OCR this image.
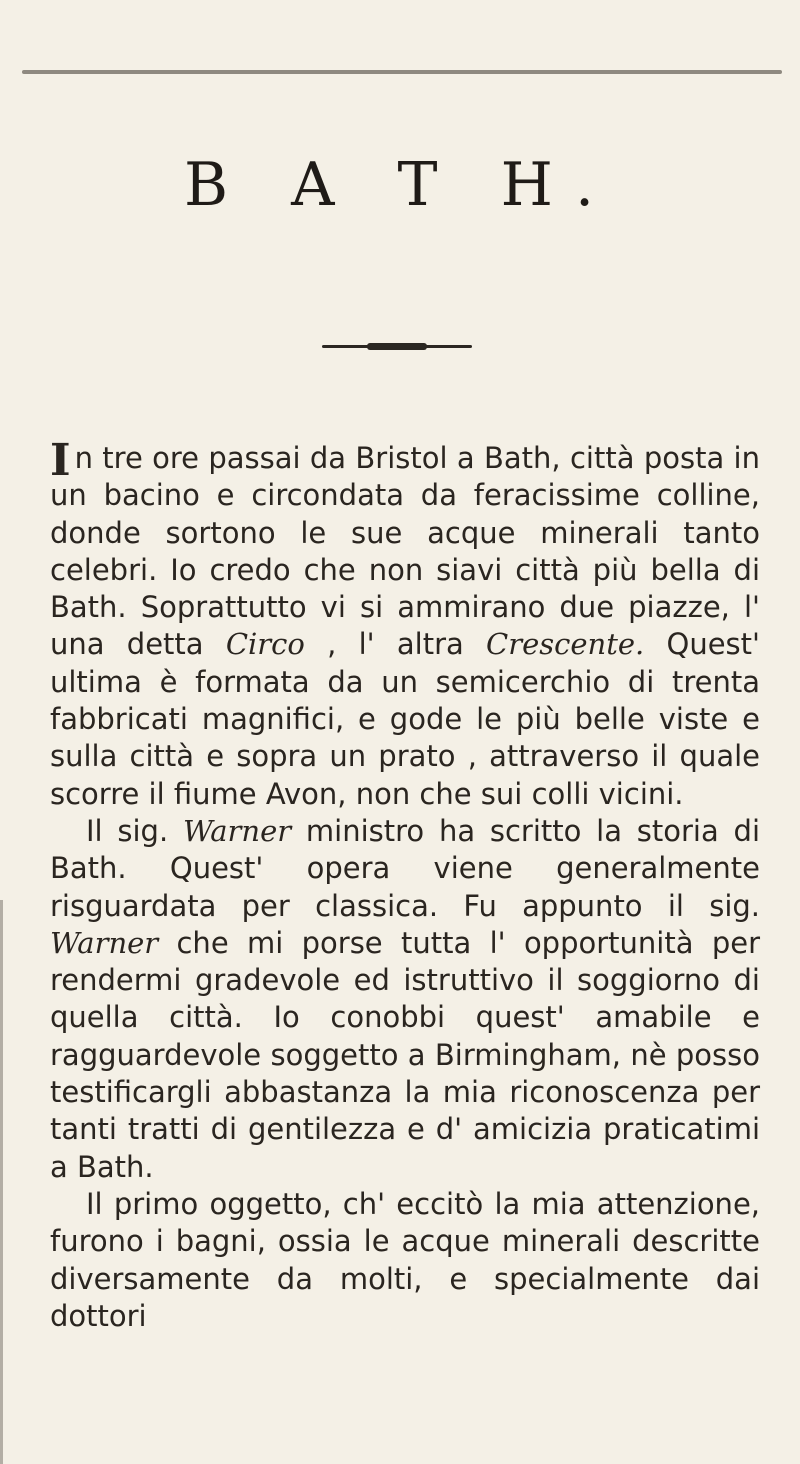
B A T H.

In tre ore passai da Bristol a Bath, città posta in un bacino e circondata da feracissime colline, donde sortono le sue acque minerali tanto celebri. Io credo che non siavi città più bella di Bath. Soprattutto vi si ammirano due piazze, l' una detta Circo , l' altra Crescente. Quest' ultima è formata da un semicerchio di trenta fabbricati magnifici, e gode le più belle viste e sulla città e sopra un prato , attraverso il quale scorre il fiume Avon, non che sui colli vicini.

Il sig. Warner ministro ha scritto la storia di Bath. Quest' opera viene generalmente risguardata per classica. Fu appunto il sig. Warner che mi porse tutta l' opportunità per rendermi gradevole ed istruttivo il soggiorno di quella città. Io conobbi quest' amabile e ragguardevole soggetto a Birmingham, nè posso testificargli abbastanza la mia riconoscenza per tanti tratti di gentilezza e d' amicizia praticatimi a Bath.

Il primo oggetto, ch' eccitò la mia attenzione, furono i bagni, ossia le acque minerali descritte diversamente da molti, e specialmente dai dottori
